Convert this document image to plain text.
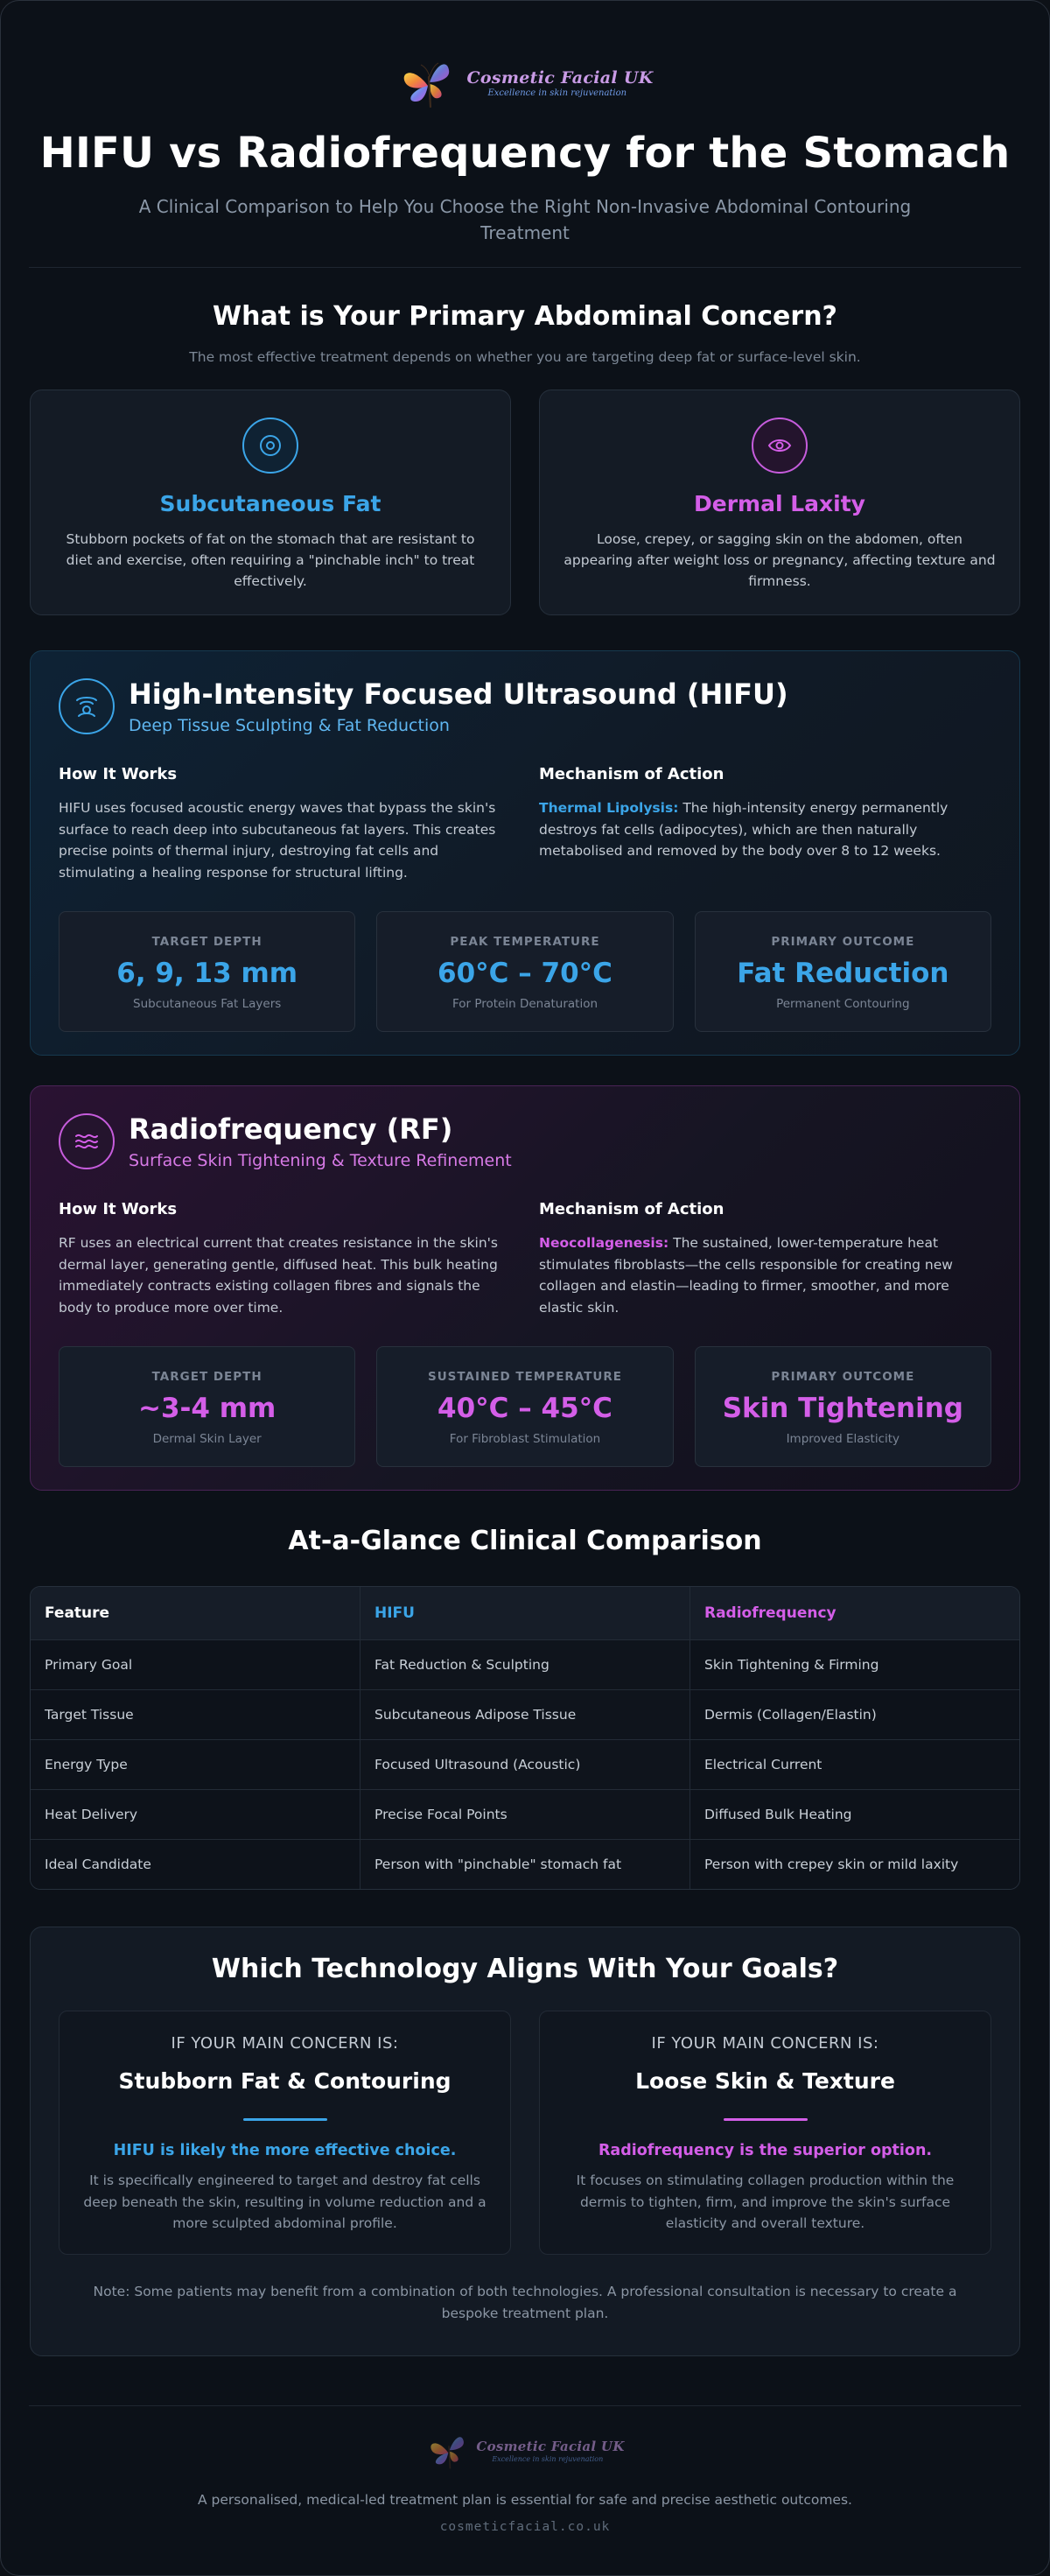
Cosmetic Facial UK
Excellence in skin rejuvenation
HIFU vs Radiofrequency for the Stomach

A Clinical Comparison to Help You Choose the Right Non-Invasive Abdominal Contouring Treatment

What is Your Primary Abdominal Concern?

The most effective treatment depends on whether you are targeting deep fat or surface-level skin.

Subcutaneous Fat

Stubborn pockets of fat on the stomach that are resistant to diet and exercise, often requiring a "pinchable inch" to treat effectively.

Dermal Laxity

Loose, crepey, or sagging skin on the abdomen, often appearing after weight loss or pregnancy, affecting texture and firmness.

High-Intensity Focused Ultrasound (HIFU)
Deep Tissue Sculpting & Fat Reduction
How It Works

HIFU uses focused acoustic energy waves that bypass the skin's surface to reach deep into subcutaneous fat layers. This creates precise points of thermal injury, destroying fat cells and stimulating a healing response for structural lifting.

Mechanism of Action

Thermal Lipolysis: The high-intensity energy permanently destroys fat cells (adipocytes), which are then naturally metabolised and removed by the body over 8 to 12 weeks.

TARGET DEPTH
6, 9, 13 mm
Subcutaneous Fat Layers
PEAK TEMPERATURE
60°C – 70°C
For Protein Denaturation
PRIMARY OUTCOME
Fat Reduction
Permanent Contouring
Radiofrequency (RF)
Surface Skin Tightening & Texture Refinement
How It Works

RF uses an electrical current that creates resistance in the skin's dermal layer, generating gentle, diffused heat. This bulk heating immediately contracts existing collagen fibres and signals the body to produce more over time.

Mechanism of Action

Neocollagenesis: The sustained, lower-temperature heat stimulates fibroblasts—the cells responsible for creating new collagen and elastin—leading to firmer, smoother, and more elastic skin.

TARGET DEPTH
~3-4 mm
Dermal Skin Layer
SUSTAINED TEMPERATURE
40°C – 45°C
For Fibroblast Stimulation
PRIMARY OUTCOME
Skin Tightening
Improved Elasticity
At-a-Glance Clinical Comparison
Feature	HIFU	Radiofrequency
Primary Goal	Fat Reduction & Sculpting	Skin Tightening & Firming
Target Tissue	Subcutaneous Adipose Tissue	Dermis (Collagen/Elastin)
Energy Type	Focused Ultrasound (Acoustic)	Electrical Current
Heat Delivery	Precise Focal Points	Diffused Bulk Heating
Ideal Candidate	Person with "pinchable" stomach fat	Person with crepey skin or mild laxity
Which Technology Aligns With Your Goals?
IF YOUR MAIN CONCERN IS:
Stubborn Fat & Contouring
HIFU is likely the more effective choice.

It is specifically engineered to target and destroy fat cells deep beneath the skin, resulting in volume reduction and a more sculpted abdominal profile.

IF YOUR MAIN CONCERN IS:
Loose Skin & Texture
Radiofrequency is the superior option.

It focuses on stimulating collagen production within the dermis to tighten, firm, and improve the skin's surface elasticity and overall texture.

Note: Some patients may benefit from a combination of both technologies. A professional consultation is necessary to create a bespoke treatment plan.

Cosmetic Facial UK
Excellence in skin rejuvenation

A personalised, medical-led treatment plan is essential for safe and precise aesthetic outcomes.

cosmeticfacial.co.uk
